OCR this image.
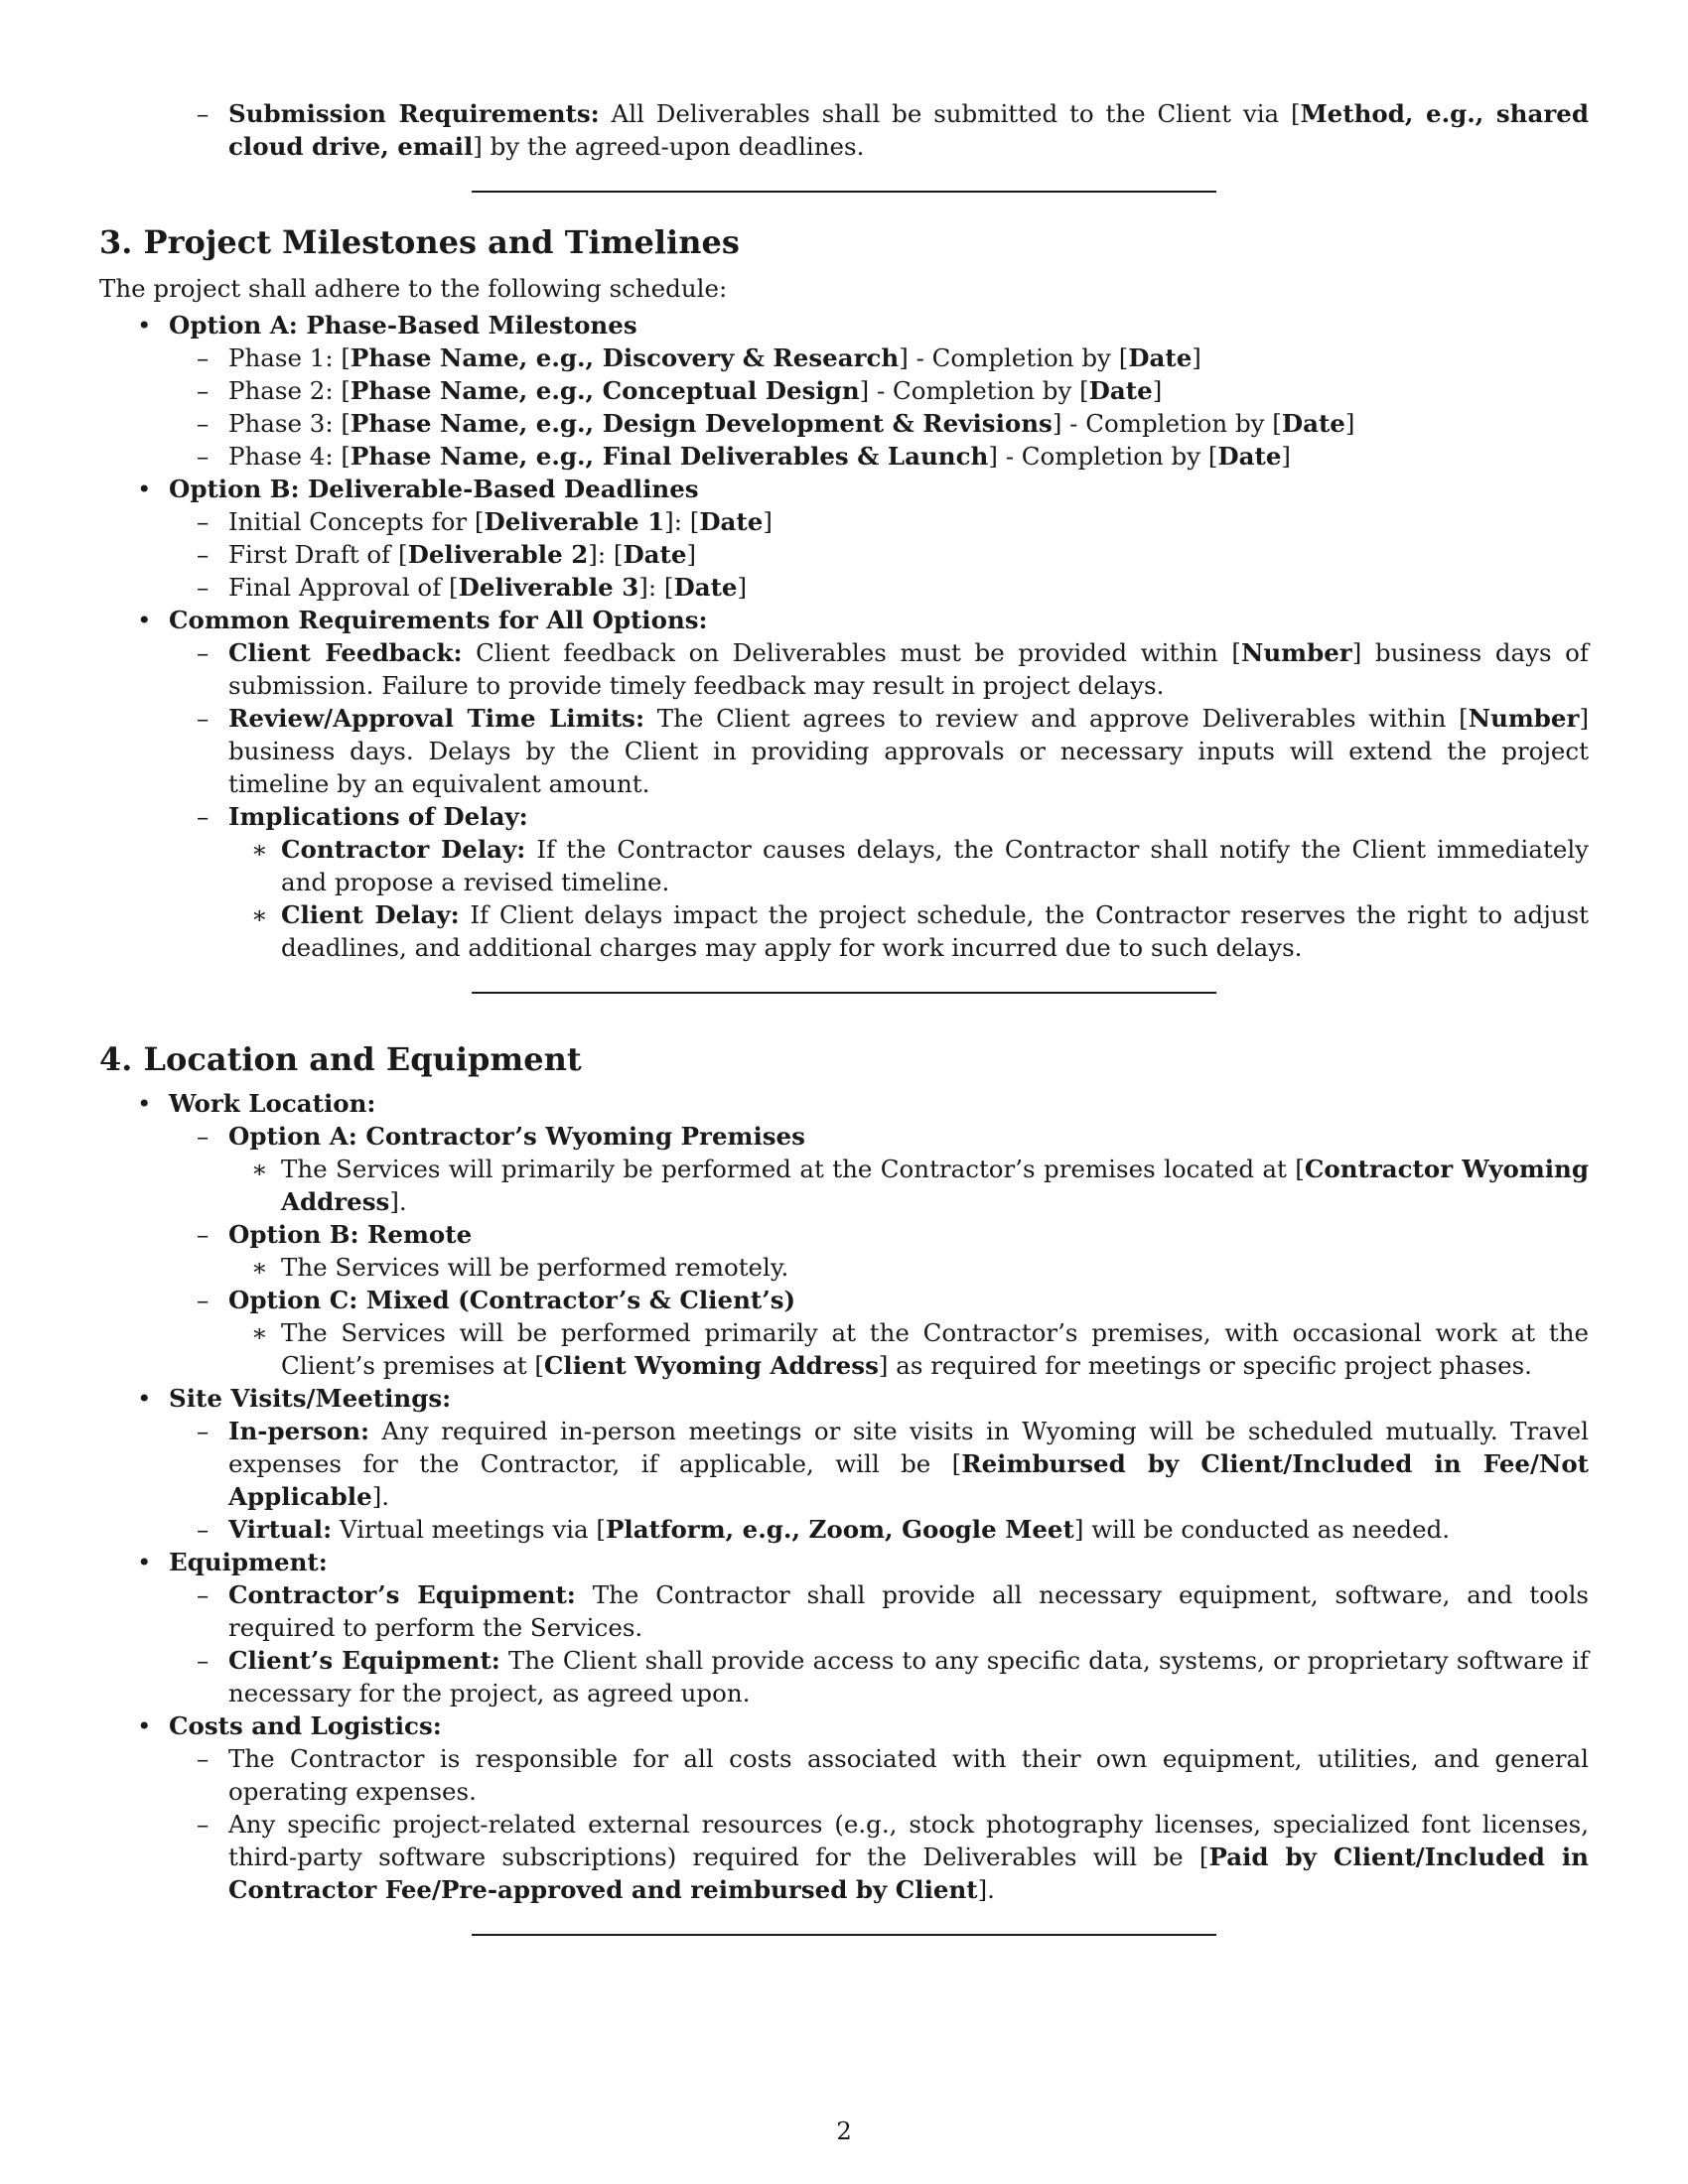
– Submission Requirements: All Deliverables shall be submitted to the Client via [Method, e.g., shared cloud drive, email] by the agreed-upon deadlines.
3. Project Milestones and Timelines
The project shall adhere to the following schedule:
• Option A: Phase-Based Milestones
– Phase 1: [Phase Name, e.g., Discovery & Research] - Completion by [Date]
– Phase 2: [Phase Name, e.g., Conceptual Design] - Completion by [Date]
– Phase 3: [Phase Name, e.g., Design Development & Revisions] - Completion by [Date]
– Phase 4: [Phase Name, e.g., Final Deliverables & Launch] - Completion by [Date]
• Option B: Deliverable-Based Deadlines
– Initial Concepts for [Deliverable 1]: [Date]
– First Draft of [Deliverable 2]: [Date]
– Final Approval of [Deliverable 3]: [Date]
• Common Requirements for All Options:
– Client Feedback: Client feedback on Deliverables must be provided within [Number] business days of submission. Failure to provide timely feedback may result in project delays.
– Review/Approval Time Limits: The Client agrees to review and approve Deliverables within [Number] business days. Delays by the Client in providing approvals or necessary inputs will extend the project timeline by an equivalent amount.
– Implications of Delay:
∗ Contractor Delay: If the Contractor causes delays, the Contractor shall notify the Client immediately and propose a revised timeline.
∗ Client Delay: If Client delays impact the project schedule, the Contractor reserves the right to adjust deadlines, and additional charges may apply for work incurred due to such delays.
4. Location and Equipment
• Work Location:
– Option A: Contractor’s Wyoming Premises
∗ The Services will primarily be performed at the Contractor’s premises located at [Contractor Wyoming Address].
– Option B: Remote
∗ The Services will be performed remotely.
– Option C: Mixed (Contractor’s & Client’s)
∗ The Services will be performed primarily at the Contractor’s premises, with occasional work at the Client’s premises at [Client Wyoming Address] as required for meetings or specific project phases.
• Site Visits/Meetings:
– In-person: Any required in-person meetings or site visits in Wyoming will be scheduled mutually. Travel expenses for the Contractor, if applicable, will be [Reimbursed by Client/Included in Fee/Not Applicable].
– Virtual: Virtual meetings via [Platform, e.g., Zoom, Google Meet] will be conducted as needed.
• Equipment:
– Contractor’s Equipment: The Contractor shall provide all necessary equipment, software, and tools required to perform the Services.
– Client’s Equipment: The Client shall provide access to any specific data, systems, or proprietary software if necessary for the project, as agreed upon.
• Costs and Logistics:
– The Contractor is responsible for all costs associated with their own equipment, utilities, and general operating expenses.
– Any specific project-related external resources (e.g., stock photography licenses, specialized font licenses, third-party software subscriptions) required for the Deliverables will be [Paid by Client/Included in Contractor Fee/Pre-approved and reimbursed by Client].
2
